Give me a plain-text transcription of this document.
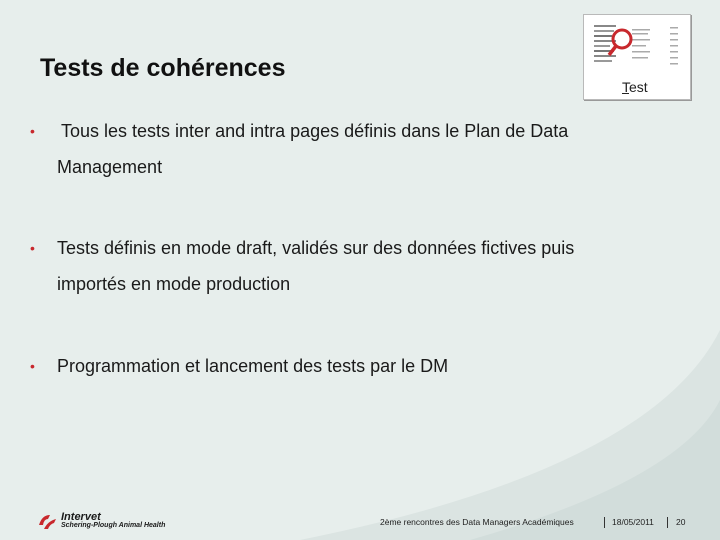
Tests de cohérences
Test
• Tous les tests inter and intra pages définis dans le Plan de Data
Management
• Tests définis en mode draft, validés sur des données fictives puis
importés en mode production
• Programmation et lancement des tests par le DM
Intervet
Schering-Plough Animal Health	2ème rencontres des Data Managers Académiques	18/05/2011	20
